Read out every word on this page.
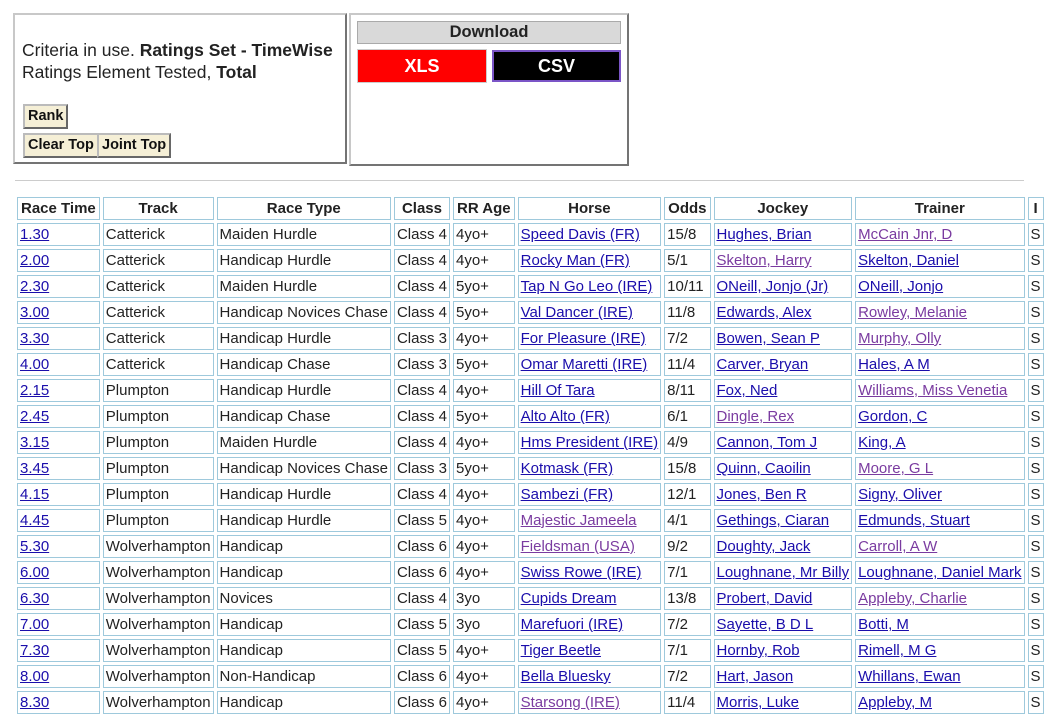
Criteria in use. Ratings Set - TimeWise
Ratings Element Tested, Total
Rank
Clear Top Joint Top
Download
XLS	CSV
Race Time	Track	Race Type	Class	RR Age	Horse	Odds	Jockey	Trainer	I
1.30	Catterick	Maiden Hurdle	Class 4	4yo+	Speed Davis (FR)	15/8	Hughes, Brian	McCain Jnr, D	S
2.00	Catterick	Handicap Hurdle	Class 4	4yo+	Rocky Man (FR)	5/1	Skelton, Harry	Skelton, Daniel	S
2.30	Catterick	Maiden Hurdle	Class 4	5yo+	Tap N Go Leo (IRE)	10/11	ONeill, Jonjo (Jr)	ONeill, Jonjo	S
3.00	Catterick	Handicap Novices Chase	Class 4	5yo+	Val Dancer (IRE)	11/8	Edwards, Alex	Rowley, Melanie	S
3.30	Catterick	Handicap Hurdle	Class 3	4yo+	For Pleasure (IRE)	7/2	Bowen, Sean P	Murphy, Olly	S
4.00	Catterick	Handicap Chase	Class 3	5yo+	Omar Maretti (IRE)	11/4	Carver, Bryan	Hales, A M	S
2.15	Plumpton	Handicap Hurdle	Class 4	4yo+	Hill Of Tara	8/11	Fox, Ned	Williams, Miss Venetia	S
2.45	Plumpton	Handicap Chase	Class 4	5yo+	Alto Alto (FR)	6/1	Dingle, Rex	Gordon, C	S
3.15	Plumpton	Maiden Hurdle	Class 4	4yo+	Hms President (IRE)	4/9	Cannon, Tom J	King, A	S
3.45	Plumpton	Handicap Novices Chase	Class 3	5yo+	Kotmask (FR)	15/8	Quinn, Caoilin	Moore, G L	S
4.15	Plumpton	Handicap Hurdle	Class 4	4yo+	Sambezi (FR)	12/1	Jones, Ben R	Signy, Oliver	S
4.45	Plumpton	Handicap Hurdle	Class 5	4yo+	Majestic Jameela	4/1	Gethings, Ciaran	Edmunds, Stuart	S
5.30	Wolverhampton	Handicap	Class 6	4yo+	Fieldsman (USA)	9/2	Doughty, Jack	Carroll, A W	S
6.00	Wolverhampton	Handicap	Class 6	4yo+	Swiss Rowe (IRE)	7/1	Loughnane, Mr Billy	Loughnane, Daniel Mark	S
6.30	Wolverhampton	Novices	Class 4	3yo	Cupids Dream	13/8	Probert, David	Appleby, Charlie	S
7.00	Wolverhampton	Handicap	Class 5	3yo	Marefuori (IRE)	7/2	Sayette, B D L	Botti, M	S
7.30	Wolverhampton	Handicap	Class 5	4yo+	Tiger Beetle	7/1	Hornby, Rob	Rimell, M G	S
8.00	Wolverhampton	Non-Handicap	Class 6	4yo+	Bella Bluesky	7/2	Hart, Jason	Whillans, Ewan	S
8.30	Wolverhampton	Handicap	Class 6	4yo+	Starsong (IRE)	11/4	Morris, Luke	Appleby, M	S
